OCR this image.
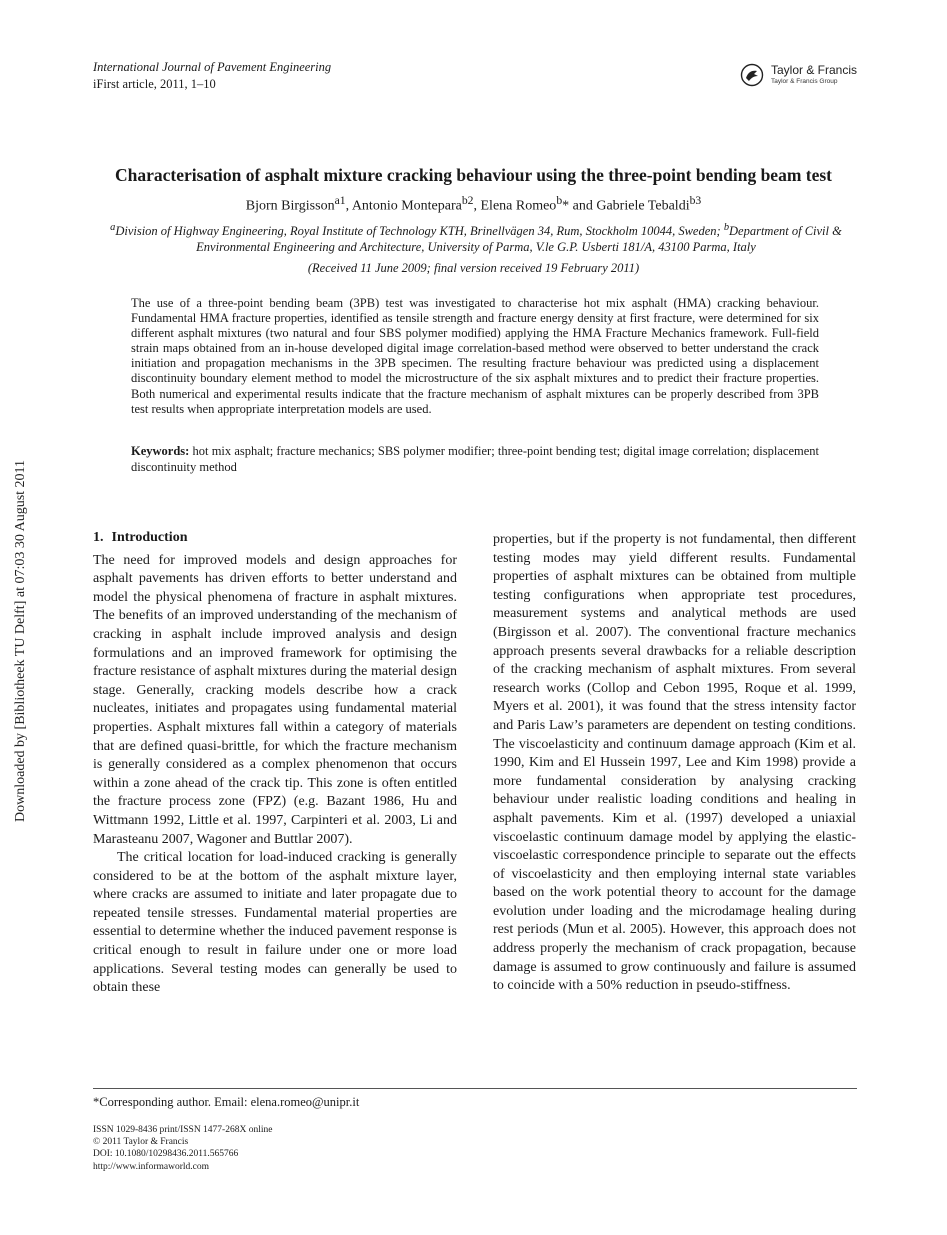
Downloaded by [Bibliotheek TU Delft] at 07:03 30 August 2011
International Journal of Pavement Engineering
iFirst article, 2011, 1–10
Taylor & Francis
Taylor & Francis Group
Characterisation of asphalt mixture cracking behaviour using the three-point bending beam test
Bjorn Birgisson$^{a1}$, Antonio Montepara$^{b2}$, Elena Romeo$^b$* and Gabriele Tebaldi$^{b3}$
$^a$Division of Highway Engineering, Royal Institute of Technology KTH, Brinellvägen 34, Rum, Stockholm 10044, Sweden; $^b$Department of Civil & Environmental Engineering and Architecture, University of Parma, V.le G.P. Usberti 181/A, 43100 Parma, Italy
(Received 11 June 2009; final version received 19 February 2011)
The use of a three-point bending beam (3PB) test was investigated to characterise hot mix asphalt (HMA) cracking behaviour. Fundamental HMA fracture properties, identified as tensile strength and fracture energy density at first fracture, were determined for six different asphalt mixtures (two natural and four SBS polymer modified) applying the HMA Fracture Mechanics framework. Full-field strain maps obtained from an in-house developed digital image correlation-based method were observed to better understand the crack initiation and propagation mechanisms in the 3PB specimen. The resulting fracture behaviour was predicted using a displacement discontinuity boundary element method to model the microstructure of the six asphalt mixtures and to predict their fracture properties. Both numerical and experimental results indicate that the fracture mechanism of asphalt mixtures can be properly described from 3PB test results when appropriate interpretation models are used.
Keywords: hot mix asphalt; fracture mechanics; SBS polymer modifier; three-point bending test; digital image correlation; displacement discontinuity method
1. Introduction

The need for improved models and design approaches for asphalt pavements has driven efforts to better understand and model the physical phenomena of fracture in asphalt mixtures. The benefits of an improved understanding of the mechanism of cracking in asphalt include improved analysis and design formulations and an improved framework for optimising the fracture resistance of asphalt mixtures during the material design stage. Generally, cracking models describe how a crack nucleates, initiates and propagates using fundamental material properties. Asphalt mixtures fall within a category of materials that are defined quasi-brittle, for which the fracture mechanism is generally considered as a complex phenomenon that occurs within a zone ahead of the crack tip. This zone is often entitled the fracture process zone (FPZ) (e.g. Bazant 1986, Hu and Wittmann 1992, Little et al. 1997, Carpinteri et al. 2003, Li and Marasteanu 2007, Wagoner and Buttlar 2007).

The critical location for load-induced cracking is generally considered to be at the bottom of the asphalt mixture layer, where cracks are assumed to initiate and later propagate due to repeated tensile stresses. Fundamental material properties are essential to determine whether the induced pavement response is critical enough to result in failure under one or more load applications. Several testing modes can generally be used to obtain these

properties, but if the property is not fundamental, then different testing modes may yield different results. Fundamental properties of asphalt mixtures can be obtained from multiple testing configurations when appropriate test procedures, measurement systems and analytical methods are used (Birgisson et al. 2007). The conventional fracture mechanics approach presents several drawbacks for a reliable description of the cracking mechanism of asphalt mixtures. From several research works (Collop and Cebon 1995, Roque et al. 1999, Myers et al. 2001), it was found that the stress intensity factor and Paris Law’s parameters are dependent on testing conditions. The viscoelasticity and continuum damage approach (Kim et al. 1990, Kim and El Hussein 1997, Lee and Kim 1998) provide a more fundamental consideration by analysing cracking behaviour under realistic loading conditions and healing in asphalt pavements. Kim et al. (1997) developed a uniaxial viscoelastic continuum damage model by applying the elastic-viscoelastic correspondence principle to separate out the effects of viscoelasticity and then employing internal state variables based on the work potential theory to account for the damage evolution under loading and the microdamage healing during rest periods (Mun et al. 2005). However, this approach does not address properly the mechanism of crack propagation, because damage is assumed to grow continuously and failure is assumed to coincide with a 50% reduction in pseudo-stiffness.

*Corresponding author. Email: elena.romeo@unipr.it
ISSN 1029-8436 print/ISSN 1477-268X online
© 2011 Taylor & Francis
DOI: 10.1080/10298436.2011.565766
http://www.informaworld.com
